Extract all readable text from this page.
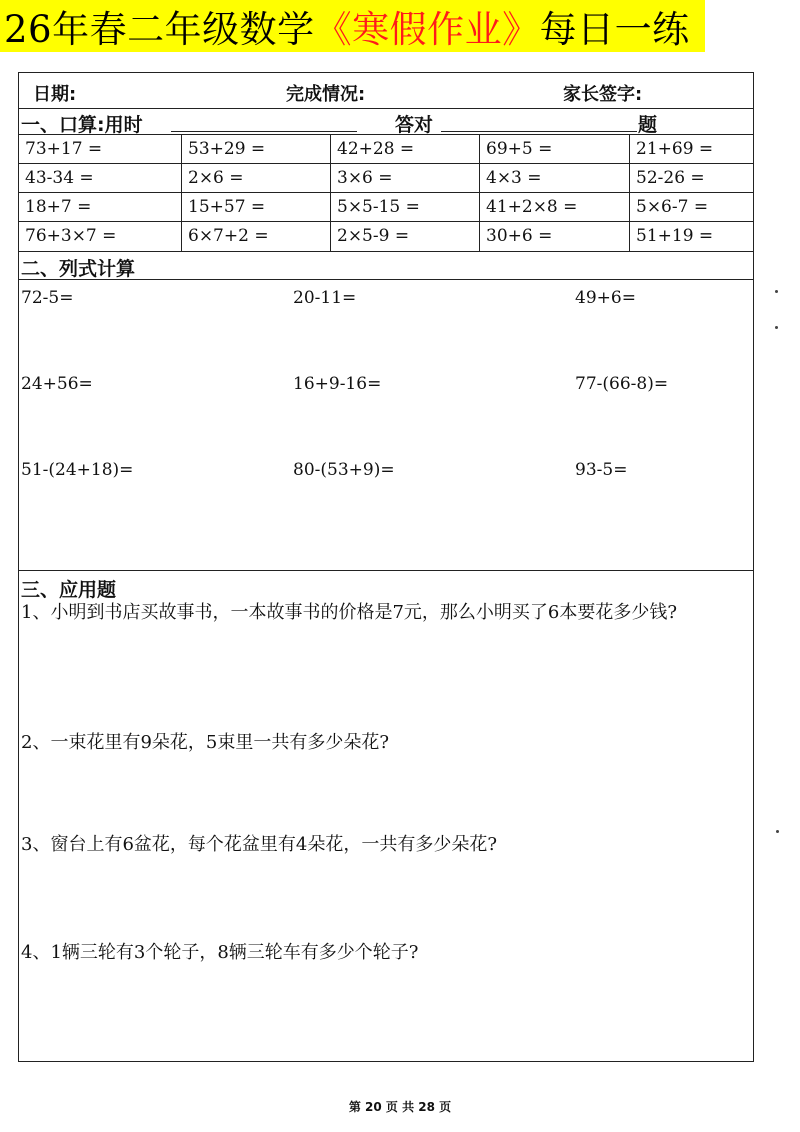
26年春二年级数学 《寒假作业》 每日一练
日期:	完成情况:	家长签字:
一、口算:用时	答对	题
73+17 =	53+29 =	42+28 =	69+5 =	21+69 =
43-34 =	2×6 =	3×6 =	4×3 =	52-26 =
18+7 =	15+57 =	5×5-15 =	41+2×8 =	5×6-7 =
76+3×7 =	6×7+2 =	2×5-9 =	30+6 =	51+19 =
二、列式计算
72-5=	20-11=	49+6=
24+56=	16+9-16=	77-(66-8)=
51-(24+18)=	80-(53+9)=	93-5=
三、应用题
1、小明到书店买故事书，一本故事书的价格是7元，那么小明买了6本要花多少钱?
2、一束花里有9朵花，5束里一共有多少朵花?
3、窗台上有6盆花，每个花盆里有4朵花，一共有多少朵花?
4、1辆三轮有3个轮子，8辆三轮车有多少个轮子?
第 20 页 共 28 页
